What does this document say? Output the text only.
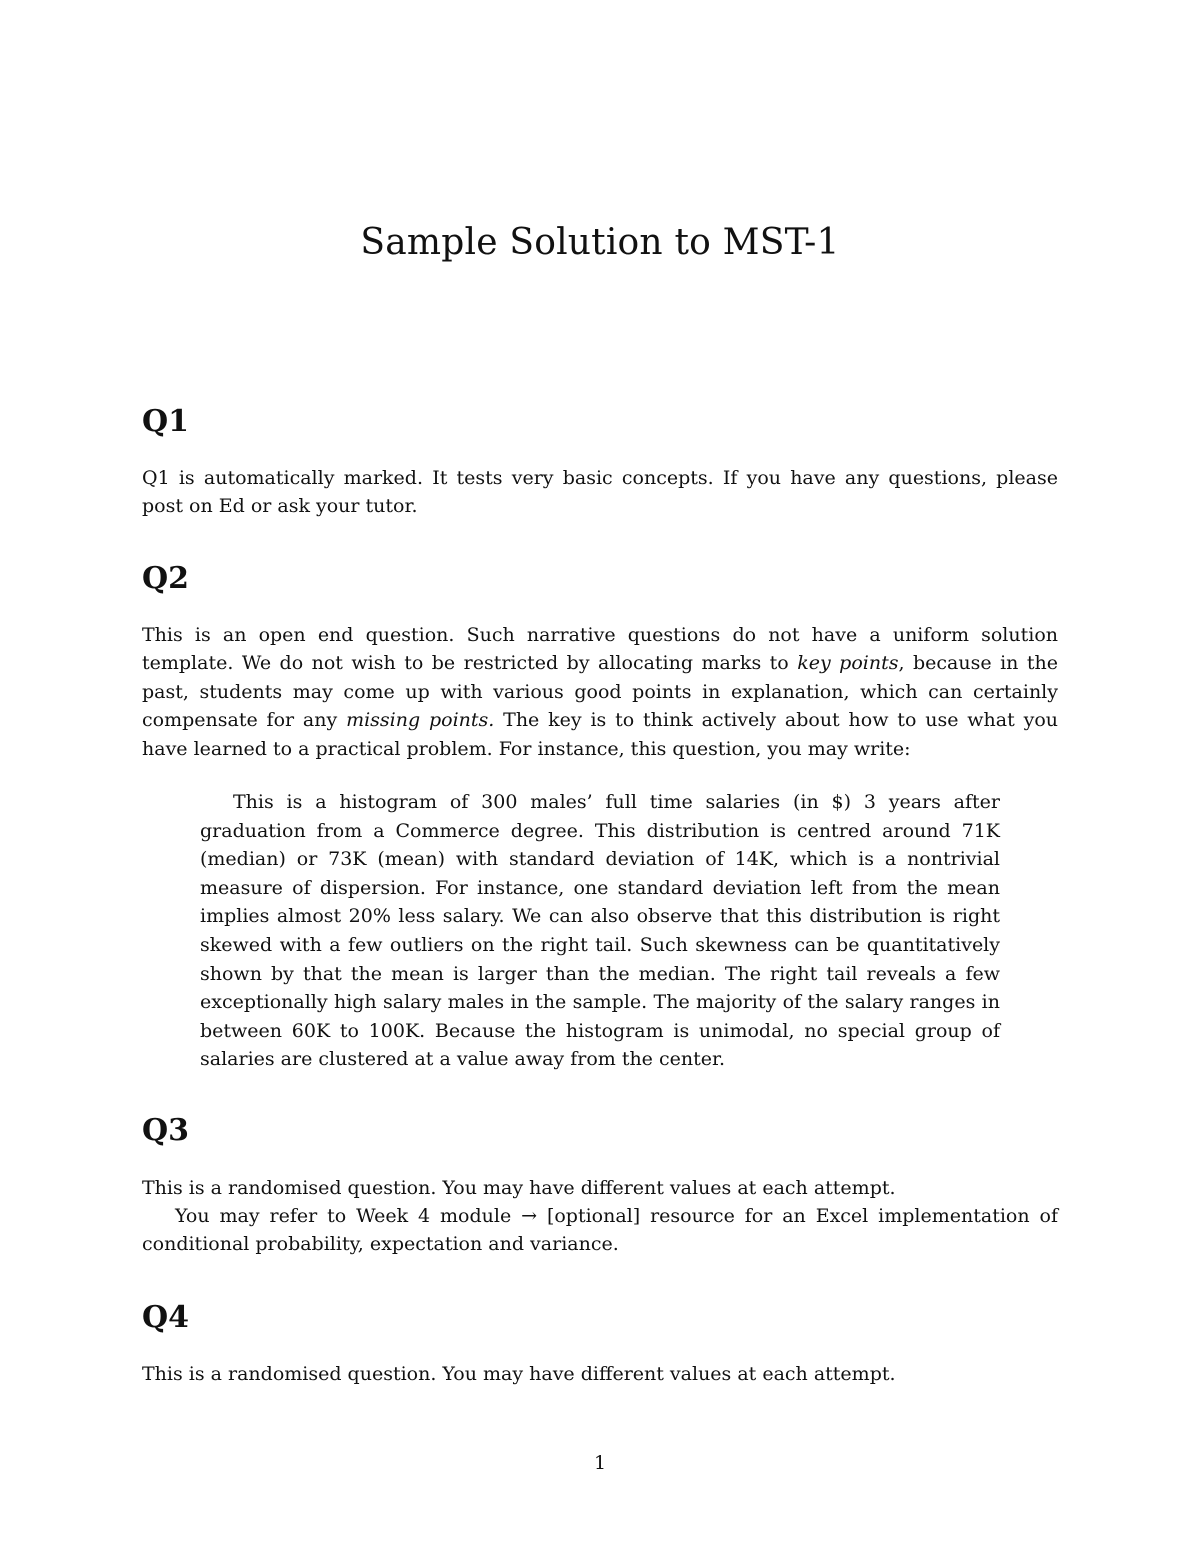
Sample Solution to MST-1
Q1

Q1 is automatically marked. It tests very basic concepts. If you have any questions, please post on Ed or ask your tutor.

Q2

This is an open end question. Such narrative questions do not have a uniform solution template. We do not wish to be restricted by allocating marks to key points, because in the past, students may come up with various good points in explanation, which can certainly compensate for any missing points. The key is to think actively about how to use what you have learned to a practical problem. For instance, this question, you may write:

This is a histogram of 300 males’ full time salaries (in $) 3 years after graduation from a Commerce degree. This distribution is centred around 71K (median) or 73K (mean) with standard deviation of 14K, which is a nontrivial measure of dispersion. For instance, one standard deviation left from the mean implies almost 20% less salary. We can also observe that this distribution is right skewed with a few outliers on the right tail. Such skewness can be quantitatively shown by that the mean is larger than the median. The right tail reveals a few exceptionally high salary males in the sample. The majority of the salary ranges in between 60K to 100K. Because the histogram is unimodal, no special group of salaries are clustered at a value away from the center.

Q3

This is a randomised question. You may have different values at each attempt.

You may refer to Week 4 module → [optional] resource for an Excel implementation of conditional probability, expectation and variance.

Q4

This is a randomised question. You may have different values at each attempt.

1
